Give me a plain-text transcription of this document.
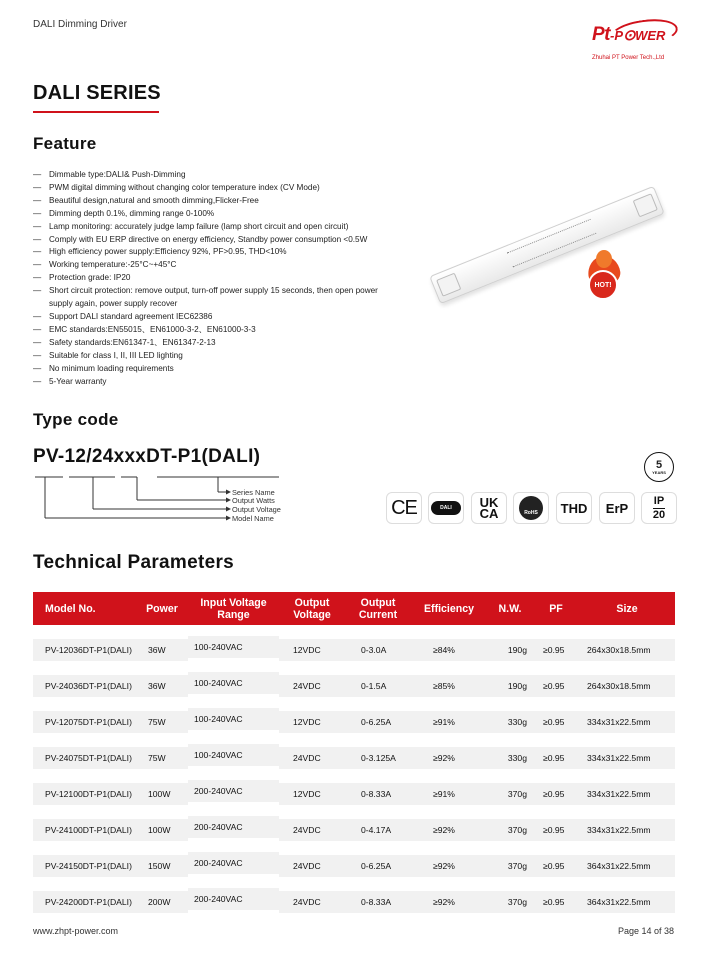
DALI Dimming Driver	Pt-P⊙WER
Zhuhai PT Power Tech.,Ltd
DALI SERIES
Feature
— Dimmable type:DALI& Push-Dimming
— PWM digital dimming without changing color temperature index (CV Mode)
— Beautiful design,natural and smooth dimming,Flicker-Free
— Dimming depth 0.1%, dimming range 0-100%
— Lamp monitoring: accurately judge lamp failure (lamp short circuit and open circuit)
— Comply with EU ERP directive on energy efficiency, Standby power consumption <0.5W
— High efficiency power supply:Efficiency 92%, PF>0.95, THD<10%
— Working temperature:-25°C~+45°C
— Protection grade: IP20
— Short circuit protection: remove output, turn-off power supply 15 seconds, then open power supply again, power supply recover
— Support DALI standard agreement IEC62386
— EMC standards:EN55015、EN61000-3-2、EN61000-3-3
— Safety standards:EN61347-1、EN61347-2-13
— Suitable for class I, II, III LED lighting
— No minimum loading requirements
— 5-Year warranty
HOT!
Type code
PV-12/24xxxDT-P1(DALI)
Series Name
Output Watts
Output Voltage
Model Name
5
YEARS
CE	DALI	UK
CA	RoHS	THD ErP IP
20
Technical Parameters
Model No.	Power	Input Voltage Range	Output Voltage	Output Current	Efficiency	N.W.	PF	Size

PV-12036DT-P1(DALI)	36W	100-240VAC	12VDC	0-3.0A	≥84%	190g	≥0.95	264x30x18.5mm

PV-24036DT-P1(DALI)	36W	100-240VAC	24VDC	0-1.5A	≥85%	190g	≥0.95	264x30x18.5mm

PV-12075DT-P1(DALI)	75W	100-240VAC	12VDC	0-6.25A	≥91%	330g	≥0.95	334x31x22.5mm

PV-24075DT-P1(DALI)	75W	100-240VAC	24VDC	0-3.125A	≥92%	330g	≥0.95	334x31x22.5mm

PV-12100DT-P1(DALI)	100W	200-240VAC	12VDC	0-8.33A	≥91%	370g	≥0.95	334x31x22.5mm

PV-24100DT-P1(DALI)	100W	200-240VAC	24VDC	0-4.17A	≥92%	370g	≥0.95	334x31x22.5mm

PV-24150DT-P1(DALI)	150W	200-240VAC	24VDC	0-6.25A	≥92%	370g	≥0.95	364x31x22.5mm

PV-24200DT-P1(DALI)	200W	200-240VAC	24VDC	0-8.33A	≥92%	370g	≥0.95	364x31x22.5mm
www.zhpt-power.com	Page 14 of 38
